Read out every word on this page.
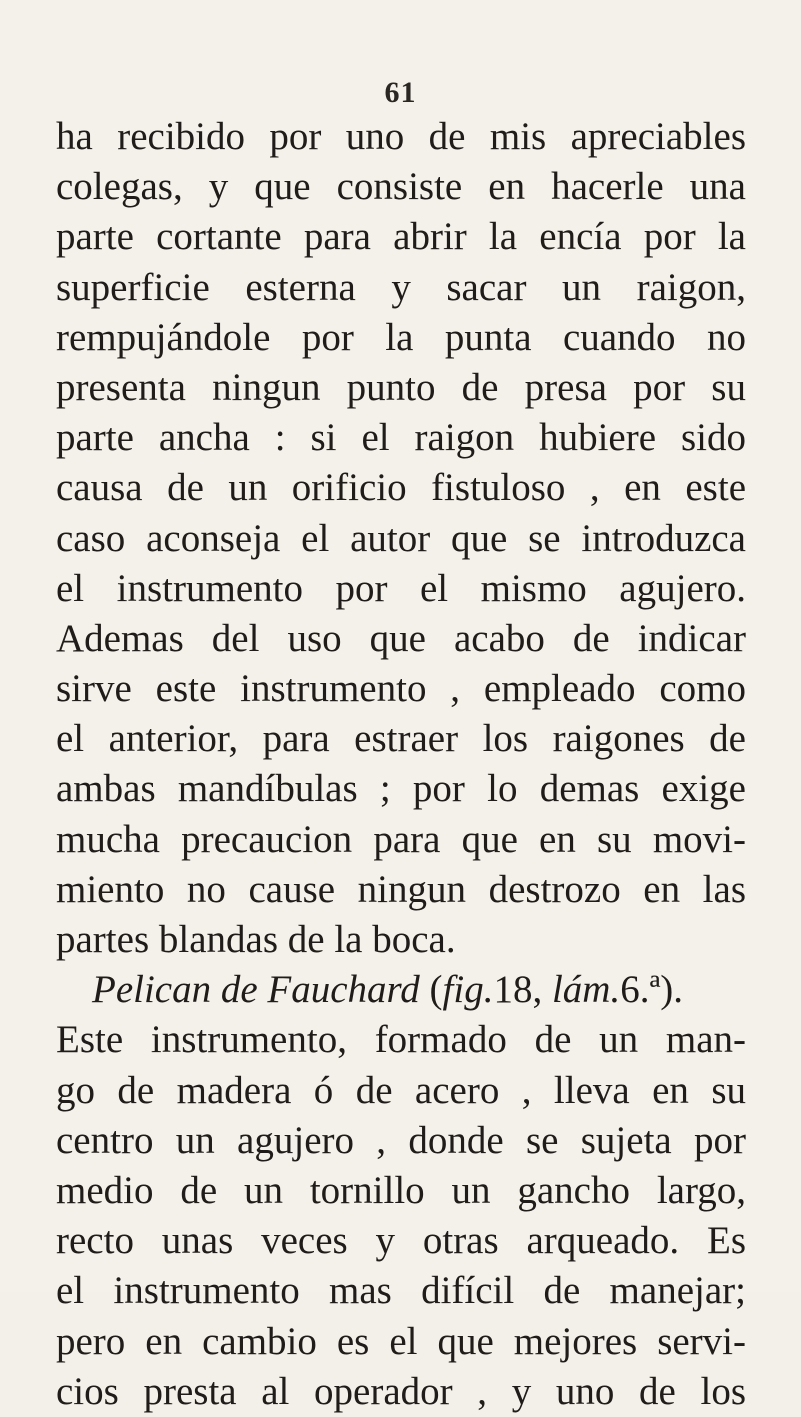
61
ha recibido por uno de mis apreciables
colegas, y que consiste en hacerle una
parte cortante para abrir la encía por la
superficie esterna y sacar un raigon,
rempujándole por la punta cuando no
presenta ningun punto de presa por su
parte ancha : si el raigon hubiere sido
causa de un orificio fistuloso , en este
caso aconseja el autor que se introduzca
el instrumento por el mismo agujero.
Ademas del uso que acabo de indicar
sirve este instrumento , empleado como
el anterior, para estraer los raigones de
ambas mandíbulas ; por lo demas exige
mucha precaucion para que en su movi-
miento no cause ningun destrozo en las
partes blandas de la boca.
Pelican de Fauchard (fig.18, lám.6.ª).
Este instrumento, formado de un man-
go de madera ó de acero , lleva en su
centro un agujero , donde se sujeta por
medio de un tornillo un gancho largo,
recto unas veces y otras arqueado. Es
el instrumento mas difícil de manejar;
pero en cambio es el que mejores servi-
cios presta al operador , y uno de los
